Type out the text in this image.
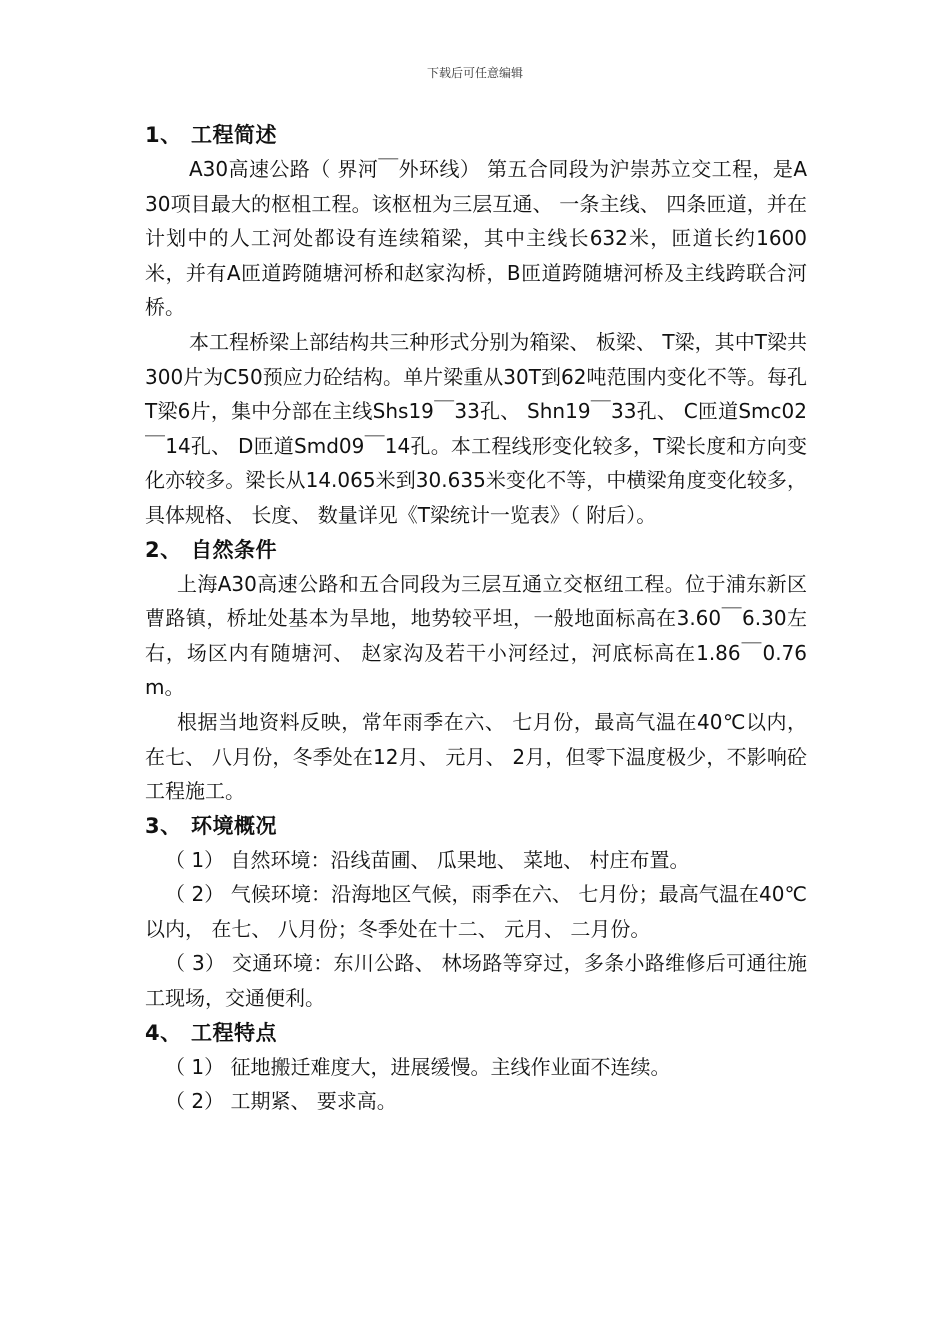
下载后可任意编辑
1、 工程简述
A30高速公路（ 界河￣外环线） 第五合同段为沪崇苏立交工程，是A30项目最大的枢柤工程。该枢杻为三层互通、 一条主线、 四条匝道，并在计划中的人工河处都设有连续箱梁，其中主线长632米，匝道长约1600米，并有A匝道跨随塘河桥和赵家沟桥，B匝道跨随塘河桥及主线跨联合河桥。
本工程桥梁上部结构共三种形式分别为箱梁、 板梁、 T梁，其中T梁共300片为C50预应力砼结构。单片梁重从30T到62吨范围内变化不等。每孔T梁6片，集中分部在主线Shs19￣33孔、 Shn19￣33孔、 C匝道Smc02￣14孔、 D匝道Smd09￣14孔。本工程线形变化较多，T梁长度和方向变化亦较多。梁长从14.065米到30.635米变化不等，中横梁角度变化较多，具体规格、 长度、 数量详见《T梁统计一览表》（ 附后）。
2、 自然条件
上海A30高速公路和五合同段为三层互通立交枢纽工程。位于浦东新区曹路镇，桥址处基本为旱地，地势较平坦，一般地面标高在3.60￣6.30左右，场区内有随塘河、 赵家沟及若干小河经过，河底标高在1.86￣0.76m。
根据当地资料反映，常年雨季在六、 七月份，最高气温在40℃以内，在七、 八月份，冬季处在12月、 元月、 2月，但零下温度极少，不影响砼工程施工。
3、 环境概况
（ 1） 自然环境：沿线苗圃、 瓜果地、 菜地、 村庄布置。
（ 2） 气候环境：沿海地区气候，雨季在六、 七月份；最高气温在40℃以内， 在七、 八月份；冬季处在十二、 元月、 二月份。
（ 3） 交通环境：东川公路、 林场路等穿过，多条小路维修后可通往施工现场，交通便利。
4、 工程特点
（ 1） 征地搬迁难度大，进展缓慢。主线作业面不连续。
（ 2） 工期紧、 要求高。
